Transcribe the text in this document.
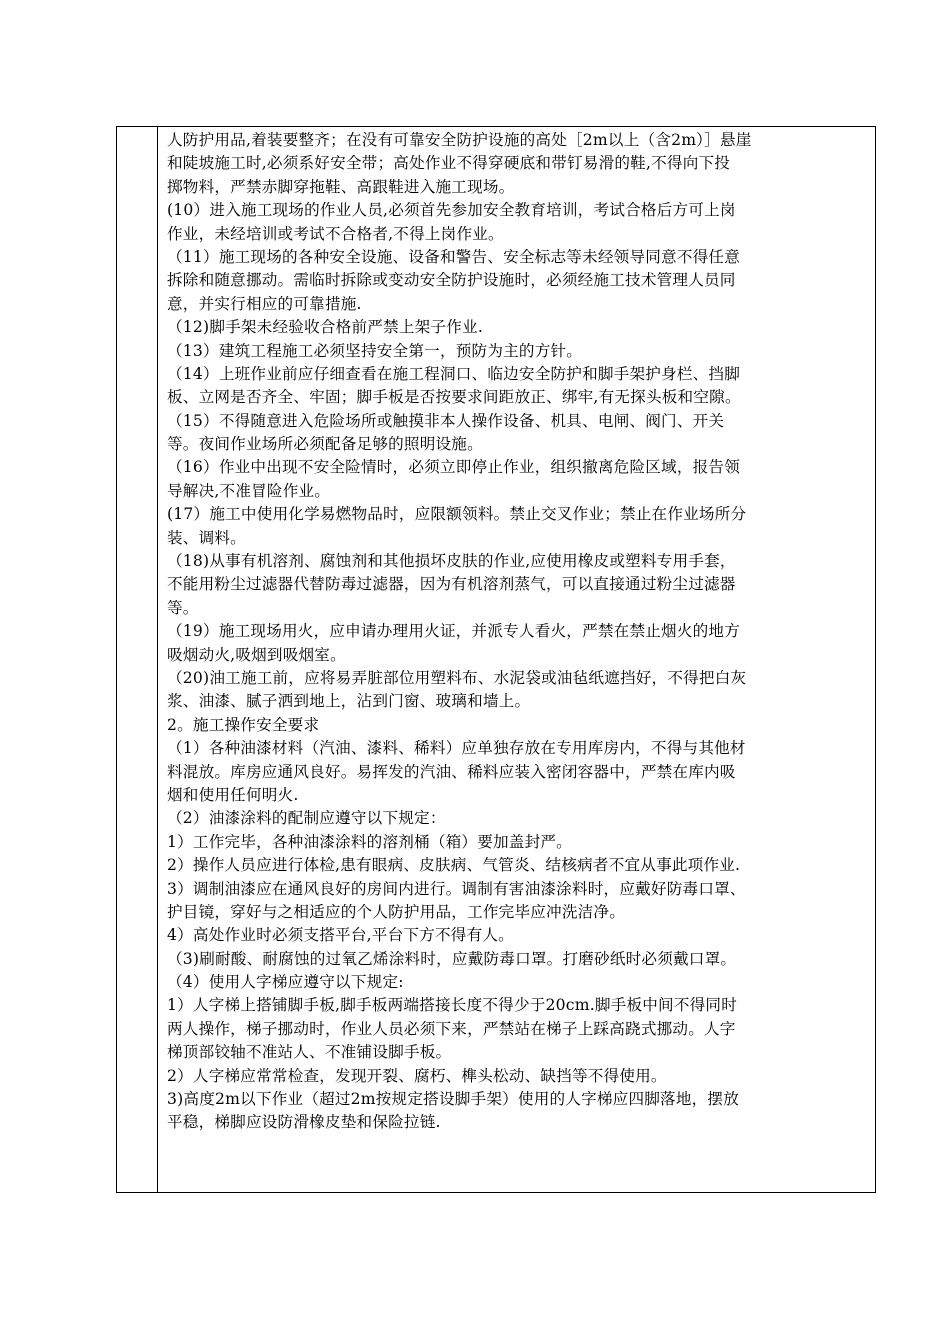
人防护用品,着装要整齐；在没有可靠安全防护设施的高处［2m以上（含2m）］悬崖
和陡坡施工时,必须系好安全带；高处作业不得穿硬底和带钉易滑的鞋,不得向下投
掷物料，严禁赤脚穿拖鞋、高跟鞋进入施工现场。
(10）进入施工现场的作业人员,必须首先参加安全教育培训，考试合格后方可上岗
作业，未经培训或考试不合格者,不得上岗作业。
（11）施工现场的各种安全设施、设备和警告、安全标志等未经领导同意不得任意
拆除和随意挪动。需临时拆除或变动安全防护设施时，必须经施工技术管理人员同
意，并实行相应的可靠措施.
（12)脚手架未经验收合格前严禁上架子作业.
（13）建筑工程施工必须坚持安全第一，预防为主的方针。
（14）上班作业前应仔细查看在施工程洞口、临边安全防护和脚手架护身栏、挡脚
板、立网是否齐全、牢固；脚手板是否按要求间距放正、绑牢,有无探头板和空隙。
（15）不得随意进入危险场所或触摸非本人操作设备、机具、电闸、阀门、开关
等。夜间作业场所必须配备足够的照明设施。
（16）作业中出现不安全险情时，必须立即停止作业，组织撤离危险区域，报告领
导解决,不准冒险作业。
(17）施工中使用化学易燃物品时，应限额领料。禁止交叉作业；禁止在作业场所分
装、调料。
（18)从事有机溶剂、腐蚀剂和其他损坏皮肤的作业,应使用橡皮或塑料专用手套，
不能用粉尘过滤器代替防毒过滤器，因为有机溶剂蒸气，可以直接通过粉尘过滤器
等。
（19）施工现场用火，应申请办理用火证，并派专人看火，严禁在禁止烟火的地方
吸烟动火,吸烟到吸烟室。
（20)油工施工前，应将易弄脏部位用塑料布、水泥袋或油毡纸遮挡好，不得把白灰
浆、油漆、腻子洒到地上，沾到门窗、玻璃和墙上。
2。施工操作安全要求
（1）各种油漆材料（汽油、漆料、稀料）应单独存放在专用库房内，不得与其他材
料混放。库房应通风良好。易挥发的汽油、稀料应装入密闭容器中，严禁在库内吸
烟和使用任何明火.
（2）油漆涂料的配制应遵守以下规定：
1）工作完毕，各种油漆涂料的溶剂桶（箱）要加盖封严。
2）操作人员应进行体检,患有眼病、皮肤病、气管炎、结核病者不宜从事此项作业.
3）调制油漆应在通风良好的房间内进行。调制有害油漆涂料时，应戴好防毒口罩、
护目镜，穿好与之相适应的个人防护用品，工作完毕应冲洗洁净。
4）高处作业时必须支搭平台,平台下方不得有人。
（3)刷耐酸、耐腐蚀的过氧乙烯涂料时，应戴防毒口罩。打磨砂纸时必须戴口罩。
（4）使用人字梯应遵守以下规定:
1）人字梯上搭铺脚手板,脚手板两端搭接长度不得少于20cm.脚手板中间不得同时
两人操作，梯子挪动时，作业人员必须下来，严禁站在梯子上踩高跷式挪动。人字
梯顶部铰轴不准站人、不准铺设脚手板。
2）人字梯应常常检查，发现开裂、腐朽、榫头松动、缺挡等不得使用。
3)高度2m以下作业（超过2m按规定搭设脚手架）使用的人字梯应四脚落地，摆放
平稳，梯脚应设防滑橡皮垫和保险拉链.
